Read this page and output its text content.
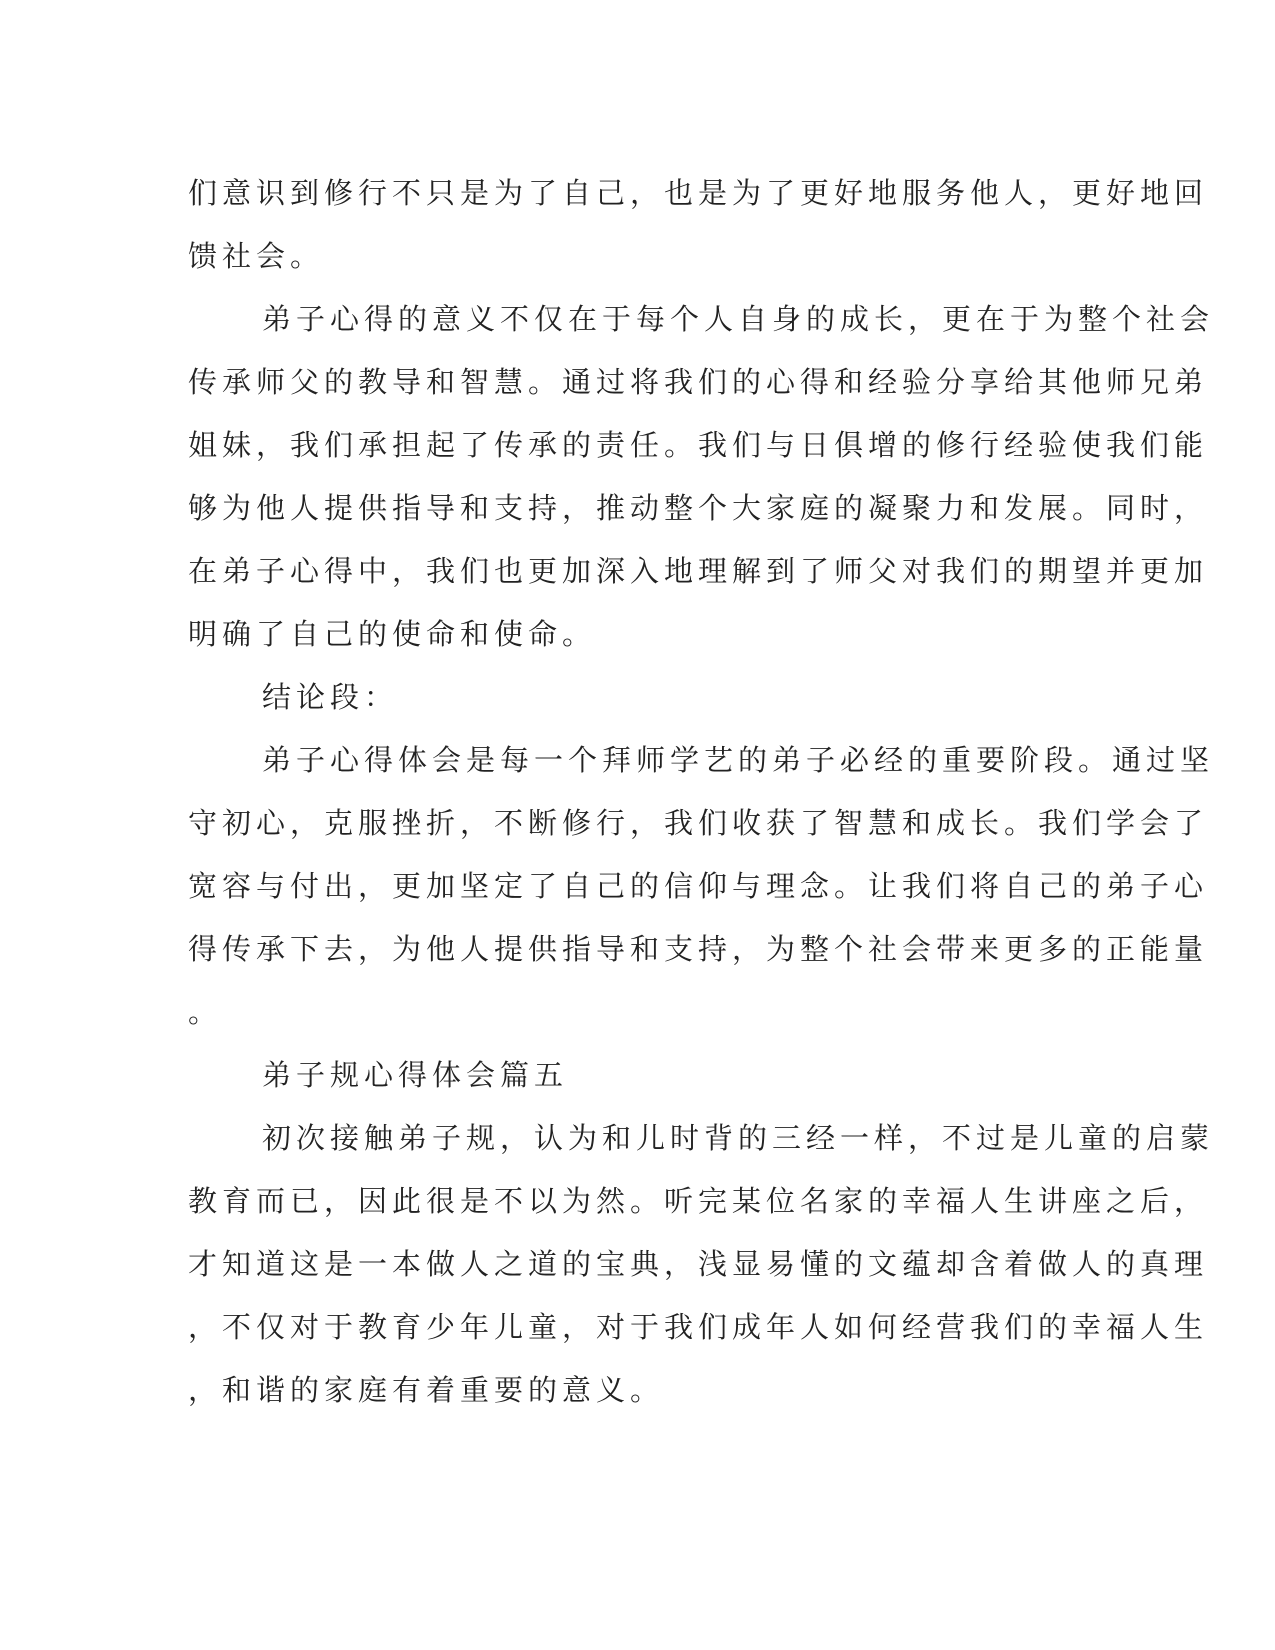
们意识到修行不只是为了自己，也是为了更好地服务他人，更好地回
馈社会。
弟子心得的意义不仅在于每个人自身的成长，更在于为整个社会
传承师父的教导和智慧。通过将我们的心得和经验分享给其他师兄弟
姐妹，我们承担起了传承的责任。我们与日俱增的修行经验使我们能
够为他人提供指导和支持，推动整个大家庭的凝聚力和发展。同时，
在弟子心得中，我们也更加深入地理解到了师父对我们的期望并更加
明确了自己的使命和使命。
结论段：
弟子心得体会是每一个拜师学艺的弟子必经的重要阶段。通过坚
守初心，克服挫折，不断修行，我们收获了智慧和成长。我们学会了
宽容与付出，更加坚定了自己的信仰与理念。让我们将自己的弟子心
得传承下去，为他人提供指导和支持，为整个社会带来更多的正能量
。
弟子规心得体会篇五
初次接触弟子规，认为和儿时背的三经一样，不过是儿童的启蒙
教育而已，因此很是不以为然。听完某位名家的幸福人生讲座之后，
才知道这是一本做人之道的宝典，浅显易懂的文蕴却含着做人的真理
，不仅对于教育少年儿童，对于我们成年人如何经营我们的幸福人生
，和谐的家庭有着重要的意义。
